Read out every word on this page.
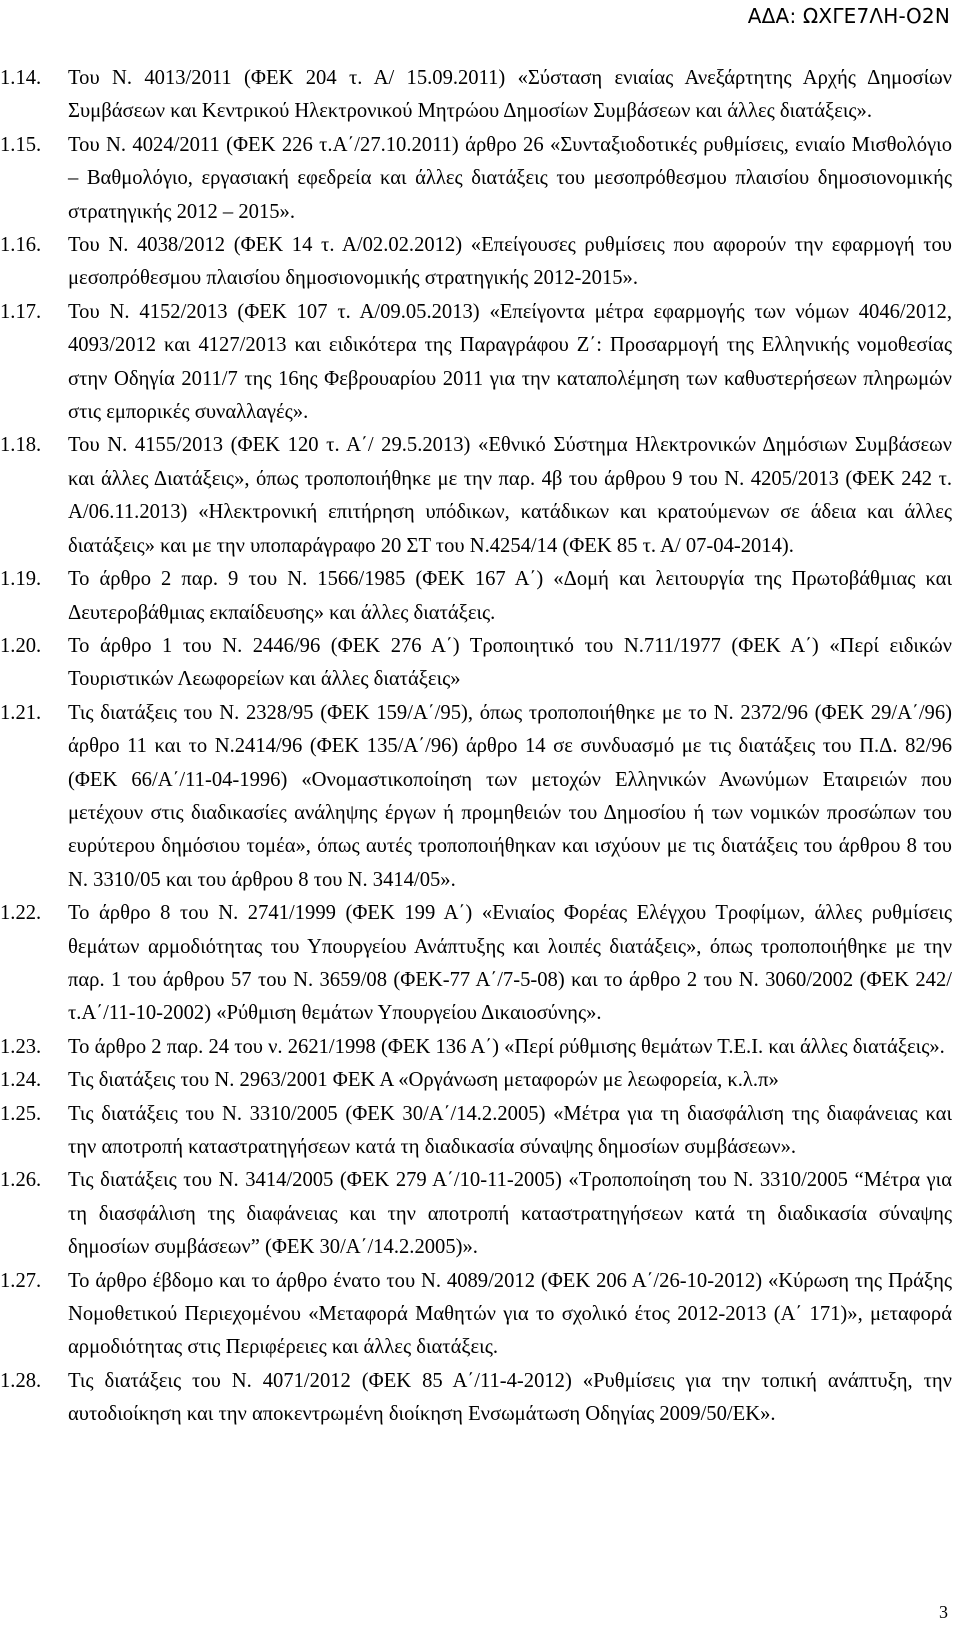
ΑΔΑ: ΩΧΓΕ7ΛΗ-Ο2Ν
1.14. Του Ν. 4013/2011 (ΦΕΚ 204 τ. Α/ 15.09.2011) «Σύσταση ενιαίας Ανεξάρτητης Αρχής Δημοσίων Συμβάσεων και Κεντρικού Ηλεκτρονικού Μητρώου Δημοσίων Συμβάσεων και άλλες διατάξεις».
1.15. Του Ν. 4024/2011 (ΦΕΚ 226 τ.Α΄/27.10.2011) άρθρο 26 «Συνταξιοδοτικές ρυθμίσεις, ενιαίο Μισθολόγιο – Βαθμολόγιο, εργασιακή εφεδρεία και άλλες διατάξεις του μεσοπρόθεσμου πλαισίου δημοσιονομικής στρατηγικής 2012 – 2015».
1.16. Του Ν. 4038/2012 (ΦΕΚ 14 τ. Α/02.02.2012) «Επείγουσες ρυθμίσεις που αφορούν την εφαρμογή του μεσοπρόθεσμου πλαισίου δημοσιονομικής στρατηγικής 2012-2015».
1.17. Του Ν. 4152/2013 (ΦΕΚ 107 τ. Α/09.05.2013) «Επείγοντα μέτρα εφαρμογής των νόμων 4046/2012, 4093/2012 και 4127/2013 και ειδικότερα της Παραγράφου Ζ΄: Προσαρμογή της Ελληνικής νομοθεσίας στην Οδηγία 2011/7 της 16ης Φεβρουαρίου 2011 για την καταπολέμηση των καθυστερήσεων πληρωμών στις εμπορικές συναλλαγές».
1.18. Του Ν. 4155/2013 (ΦΕΚ 120 τ. Α΄/ 29.5.2013) «Εθνικό Σύστημα Ηλεκτρονικών Δημόσιων Συμβάσεων και άλλες Διατάξεις», όπως τροποποιήθηκε με την παρ. 4β του άρθρου 9 του Ν. 4205/2013 (ΦΕΚ 242 τ. Α/06.11.2013) «Ηλεκτρονική επιτήρηση υπόδικων, κατάδικων και κρατούμενων σε άδεια και άλλες διατάξεις» και με την υποπαράγραφο 20 ΣΤ του Ν.4254/14 (ΦΕΚ 85 τ. Α/ 07-04-2014).
1.19. Το άρθρο 2 παρ. 9 του Ν. 1566/1985 (ΦΕΚ 167 Α΄) «Δομή και λειτουργία της Πρωτοβάθμιας και Δευτεροβάθμιας εκπαίδευσης» και άλλες διατάξεις.
1.20. Το άρθρο 1 του Ν. 2446/96 (ΦΕΚ 276 Α΄) Τροποιητικό του Ν.711/1977 (ΦΕΚ Α΄) «Περί ειδικών Τουριστικών Λεωφορείων και άλλες διατάξεις»
1.21. Τις διατάξεις του Ν. 2328/95 (ΦΕΚ 159/Α΄/95), όπως τροποποιήθηκε με το Ν. 2372/96 (ΦΕΚ 29/Α΄/96) άρθρο 11 και το Ν.2414/96 (ΦΕΚ 135/Α΄/96) άρθρο 14 σε συνδυασμό με τις διατάξεις του Π.Δ. 82/96 (ΦΕΚ 66/Α΄/11-04-1996) «Ονομαστικοποίηση των μετοχών Ελληνικών Ανωνύμων Εταιρειών που μετέχουν στις διαδικασίες ανάληψης έργων ή προμηθειών του Δημοσίου ή των νομικών προσώπων του ευρύτερου δημόσιου τομέα», όπως αυτές τροποποιήθηκαν και ισχύουν με τις διατάξεις του άρθρου 8 του Ν. 3310/05 και του άρθρου 8 του Ν. 3414/05».
1.22. Το άρθρο 8 του Ν. 2741/1999 (ΦΕΚ 199 Α΄) «Ενιαίος Φορέας Ελέγχου Τροφίμων, άλλες ρυθμίσεις θεμάτων αρμοδιότητας του Υπουργείου Ανάπτυξης και λοιπές διατάξεις», όπως τροποποιήθηκε με την παρ. 1 του άρθρου 57 του Ν. 3659/08 (ΦΕΚ-77 Α΄/7-5-08) και το άρθρο 2 του Ν. 3060/2002 (ΦΕΚ 242/τ.Α΄/11-10-2002) «Ρύθμιση θεμάτων Υπουργείου Δικαιοσύνης».
1.23. Το άρθρο 2 παρ. 24 του ν. 2621/1998 (ΦΕΚ 136 Α΄) «Περί ρύθμισης θεμάτων Τ.Ε.Ι. και άλλες διατάξεις».
1.24. Τις διατάξεις του Ν. 2963/2001 ΦΕΚ Α «Οργάνωση μεταφορών με λεωφορεία, κ.λ.π»
1.25. Τις διατάξεις του Ν. 3310/2005 (ΦΕΚ 30/Α΄/14.2.2005) «Μέτρα για τη διασφάλιση της διαφάνειας και την αποτροπή καταστρατηγήσεων κατά τη διαδικασία σύναψης δημοσίων συμβάσεων».
1.26. Τις διατάξεις του Ν. 3414/2005 (ΦΕΚ 279 Α΄/10-11-2005) «Τροποποίηση του Ν. 3310/2005 “Μέτρα για τη διασφάλιση της διαφάνειας και την αποτροπή καταστρατηγήσεων κατά τη διαδικασία σύναψης δημοσίων συμβάσεων” (ΦΕΚ 30/Α΄/14.2.2005)».
1.27. Το άρθρο έβδομο και το άρθρο ένατο του Ν. 4089/2012 (ΦΕΚ 206 Α΄/26-10-2012) «Κύρωση της Πράξης Νομοθετικού Περιεχομένου «Μεταφορά Μαθητών για το σχολικό έτος 2012-2013 (Α΄ 171)», μεταφορά αρμοδιότητας στις Περιφέρειες και άλλες διατάξεις.
1.28. Τις διατάξεις του Ν. 4071/2012 (ΦΕΚ 85 Α΄/11-4-2012) «Ρυθμίσεις για την τοπική ανάπτυξη, την αυτοδιοίκηση και την αποκεντρωμένη διοίκηση Ενσωμάτωση Οδηγίας 2009/50/ΕΚ».
3
